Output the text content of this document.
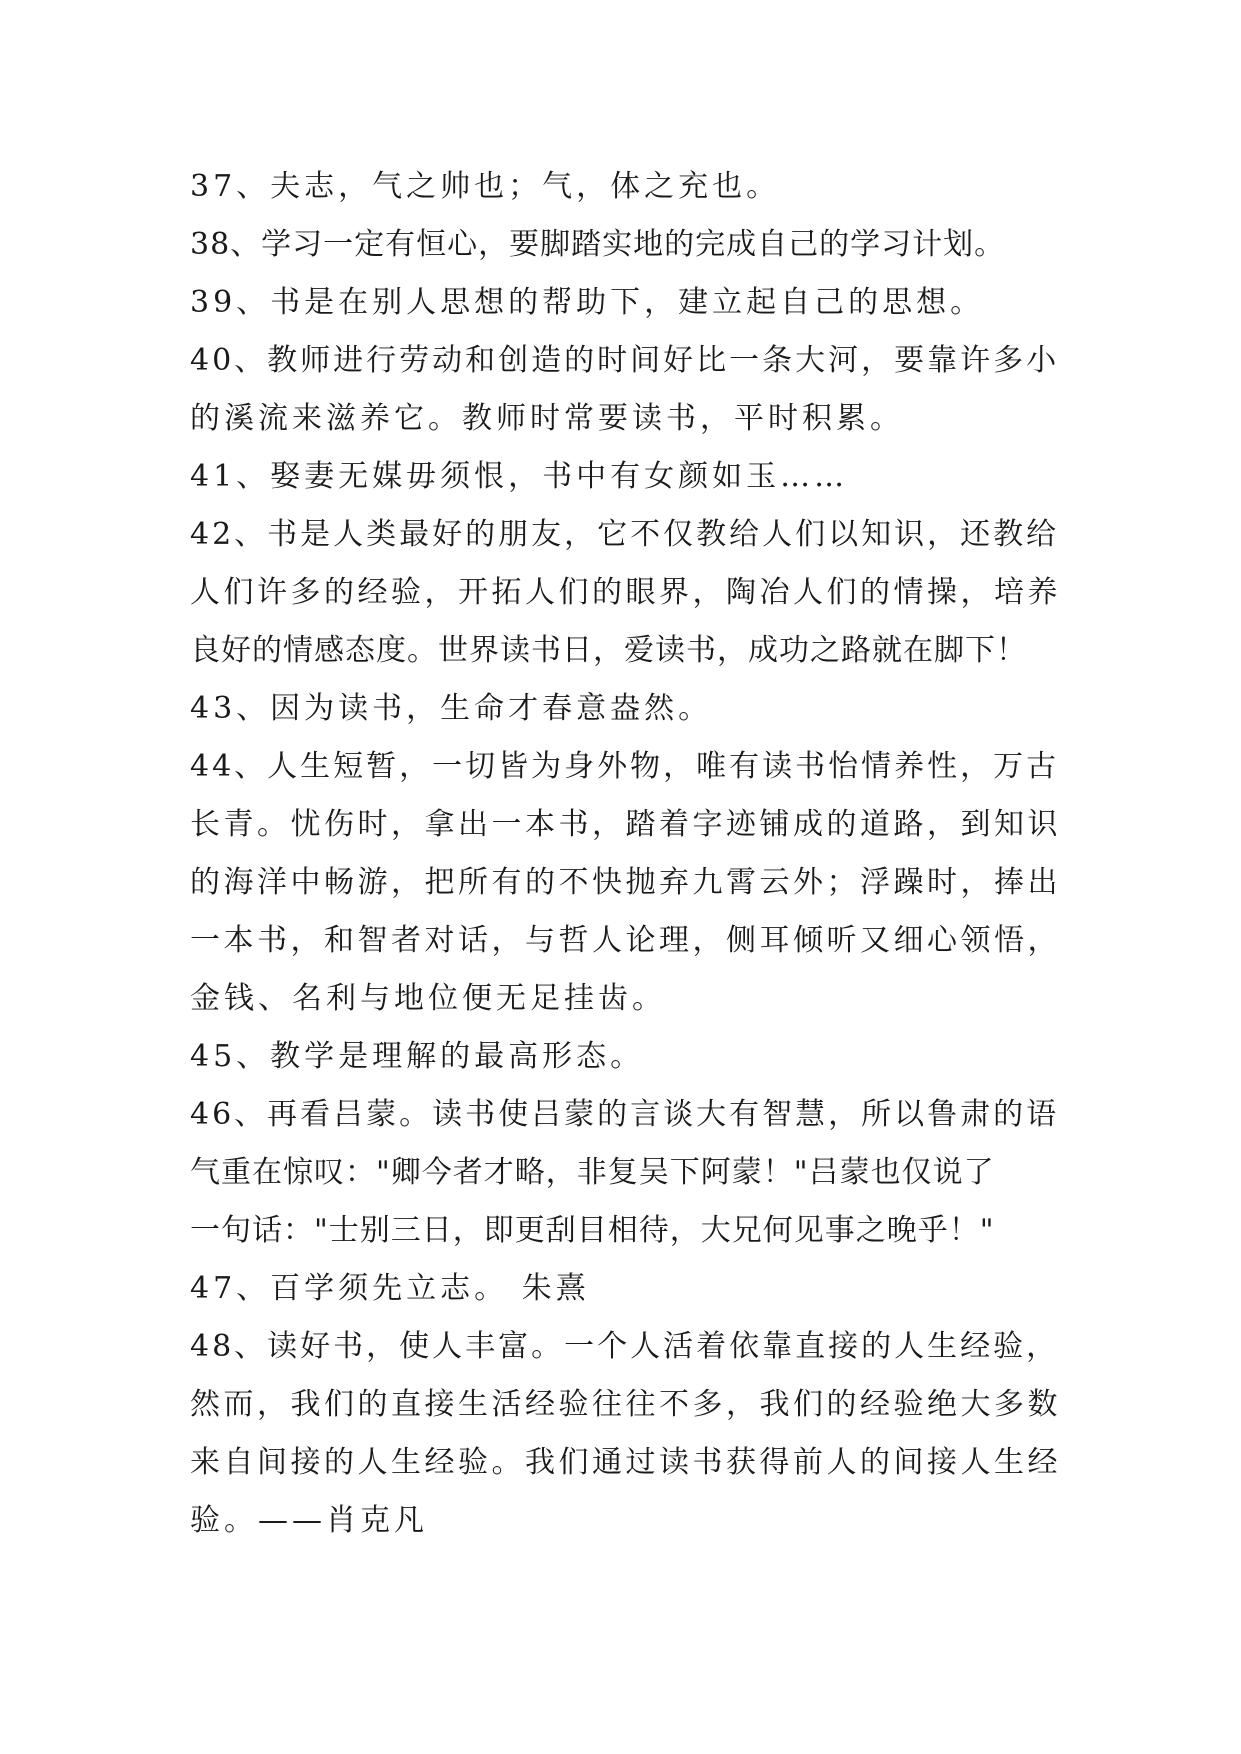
37、夫志，气之帅也；气，体之充也。
38、学习一定有恒心，要脚踏实地的完成自己的学习计划。
39、书是在别人思想的帮助下，建立起自己的思想。
40、教师进行劳动和创造的时间好比一条大河，要靠许多小
的溪流来滋养它。教师时常要读书，平时积累。
41、娶妻无媒毋须恨，书中有女颜如玉……
42、书是人类最好的朋友，它不仅教给人们以知识，还教给
人们许多的经验，开拓人们的眼界，陶冶人们的情操，培养
良好的情感态度。世界读书日，爱读书，成功之路就在脚下！
43、因为读书，生命才春意盎然。
44、人生短暂，一切皆为身外物，唯有读书怡情养性，万古
长青。忧伤时，拿出一本书，踏着字迹铺成的道路，到知识
的海洋中畅游，把所有的不快抛弃九霄云外；浮躁时，捧出
一本书，和智者对话，与哲人论理，侧耳倾听又细心领悟，
金钱、名利与地位便无足挂齿。
45、教学是理解的最高形态。
46、再看吕蒙。读书使吕蒙的言谈大有智慧，所以鲁肃的语
气重在惊叹："卿今者才略，非复吴下阿蒙！"吕蒙也仅说了
一句话："士别三日，即更刮目相待，大兄何见事之晚乎！"
47、百学须先立志。 朱熹
48、读好书，使人丰富。一个人活着依靠直接的人生经验，
然而，我们的直接生活经验往往不多，我们的经验绝大多数
来自间接的人生经验。我们通过读书获得前人的间接人生经
验。——肖克凡
